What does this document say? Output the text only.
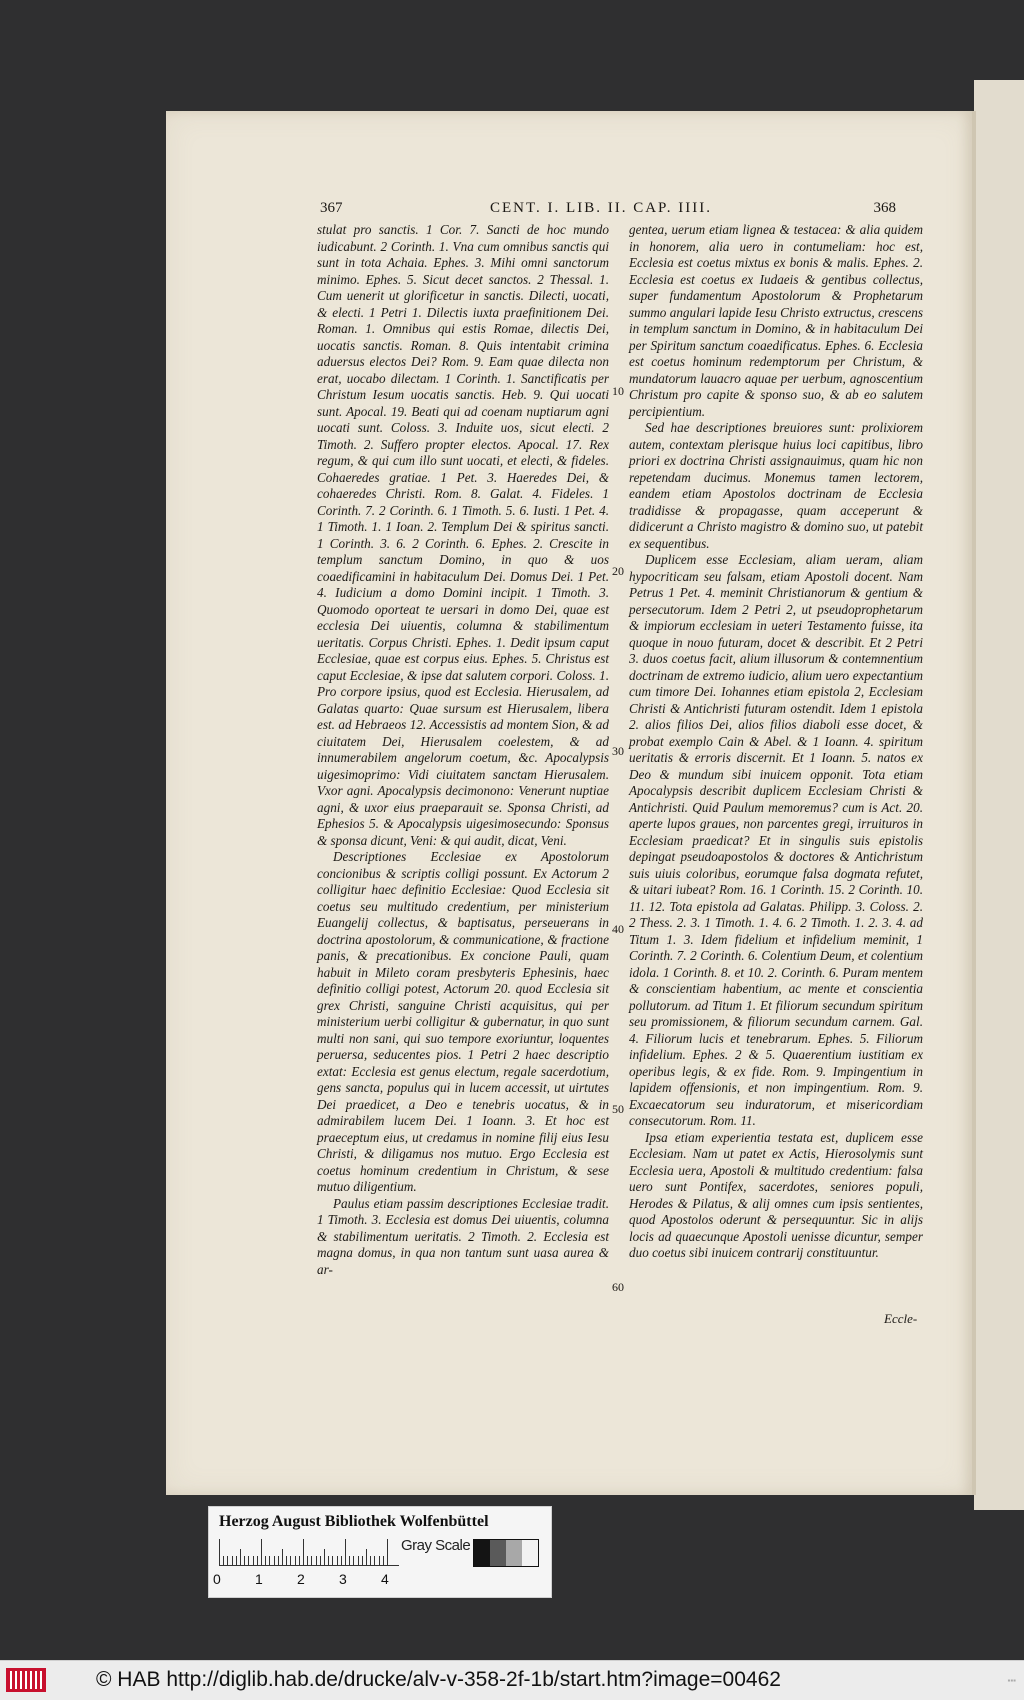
367	CENT. I. LIB. II. CAP. IIII.	368

stulat pro sanctis. 1 Cor. 7. Sancti de hoc mundo iudicabunt. 2 Corinth. 1. Vna cum omnibus sanctis qui sunt in tota Achaia. Ephes. 3. Mihi omni sanctorum minimo. Ephes. 5. Sicut decet sanctos. 2 Thessal. 1. Cum uenerit ut glorificetur in sanctis. Dilecti, uocati, & electi. 1 Petri 1. Dilectis iuxta praefinitionem Dei. Roman. 1. Omnibus qui estis Romae, dilectis Dei, uocatis sanctis. Roman. 8. Quis intentabit crimina aduersus electos Dei? Rom. 9. Eam quae dilecta non erat, uocabo dilectam. 1 Corinth. 1. Sanctificatis per Christum Iesum uocatis sanctis. Heb. 9. Qui uocati sunt. Apocal. 19. Beati qui ad coenam nuptiarum agni uocati sunt. Coloss. 3. Induite uos, sicut electi. 2 Timoth. 2. Suffero propter electos. Apocal. 17. Rex regum, & qui cum illo sunt uocati, et electi, & fideles. Cohaeredes gratiae. 1 Pet. 3. Haeredes Dei, & cohaeredes Christi. Rom. 8. Galat. 4. Fideles. 1 Corinth. 7. 2 Corinth. 6. 1 Timoth. 5. 6. Iusti. 1 Pet. 4. 1 Timoth. 1. 1 Ioan. 2. Templum Dei & spiritus sancti. 1 Corinth. 3. 6. 2 Corinth. 6. Ephes. 2. Crescite in templum sanctum Domino, in quo & uos coaedificamini in habitaculum Dei. Domus Dei. 1 Pet. 4. Iudicium a domo Domini incipit. 1 Timoth. 3. Quomodo oporteat te uersari in domo Dei, quae est ecclesia Dei uiuentis, columna & stabilimentum ueritatis. Corpus Christi. Ephes. 1. Dedit ipsum caput Ecclesiae, quae est corpus eius. Ephes. 5. Christus est caput Ecclesiae, & ipse dat salutem corpori. Coloss. 1. Pro corpore ipsius, quod est Ecclesia. Hierusalem, ad Galatas quarto: Quae sursum est Hierusalem, libera est. ad Hebraeos 12. Accessistis ad montem Sion, & ad ciuitatem Dei, Hierusalem coelestem, & ad innumerabilem angelorum coetum, &c. Apocalypsis uigesimoprimo: Vidi ciuitatem sanctam Hierusalem. Vxor agni. Apocalypsis decimonono: Venerunt nuptiae agni, & uxor eius praeparauit se. Sponsa Christi, ad Ephesios 5. & Apocalypsis uigesimosecundo: Sponsus & sponsa dicunt, Veni: & qui audit, dicat, Veni.

Descriptiones Ecclesiae ex Apostolorum concionibus & scriptis colligi possunt. Ex Actorum 2 colligitur haec definitio Ecclesiae: Quod Ecclesia sit coetus seu multitudo credentium, per ministerium Euangelij collectus, & baptisatus, perseuerans in doctrina apostolorum, & communicatione, & fractione panis, & precationibus. Ex concione Pauli, quam habuit in Mileto coram presbyteris Ephesinis, haec definitio colligi potest, Actorum 20. quod Ecclesia sit grex Christi, sanguine Christi acquisitus, qui per ministerium uerbi colligitur & gubernatur, in quo sunt multi non sani, qui suo tempore exoriuntur, loquentes peruersa, seducentes pios. 1 Petri 2 haec descriptio extat: Ecclesia est genus electum, regale sacerdotium, gens sancta, populus qui in lucem accessit, ut uirtutes Dei praedicet, a Deo e tenebris uocatus, & in admirabilem lucem Dei. 1 Ioann. 3. Et hoc est praeceptum eius, ut credamus in nomine filij eius Iesu Christi, & diligamus nos mutuo. Ergo Ecclesia est coetus hominum credentium in Christum, & sese mutuo diligentium.

Paulus etiam passim descriptiones Ecclesiae tradit. 1 Timoth. 3. Ecclesia est domus Dei uiuentis, columna & stabilimentum ueritatis. 2 Timoth. 2. Ecclesia est magna domus, in qua non tantum sunt uasa aurea & ar-

10
20
30
40
50
60

gentea, uerum etiam lignea & testacea: & alia quidem in honorem, alia uero in contumeliam: hoc est, Ecclesia est coetus mixtus ex bonis & malis. Ephes. 2. Ecclesia est coetus ex Iudaeis & gentibus collectus, super fundamentum Apostolorum & Prophetarum summo angulari lapide Iesu Christo extructus, crescens in templum sanctum in Domino, & in habitaculum Dei per Spiritum sanctum coaedificatus. Ephes. 6. Ecclesia est coetus hominum redemptorum per Christum, & mundatorum lauacro aquae per uerbum, agnoscentium Christum pro capite & sponso suo, & ab eo salutem percipientium.

Sed hae descriptiones breuiores sunt: prolixiorem autem, contextam plerisque huius loci capitibus, libro priori ex doctrina Christi assignauimus, quam hic non repetendam ducimus. Monemus tamen lectorem, eandem etiam Apostolos doctrinam de Ecclesia tradidisse & propagasse, quam acceperunt & didicerunt a Christo magistro & domino suo, ut patebit ex sequentibus.

Duplicem esse Ecclesiam, aliam ueram, aliam hypocriticam seu falsam, etiam Apostoli docent. Nam Petrus 1 Pet. 4. meminit Christianorum & gentium & persecutorum. Idem 2 Petri 2, ut pseudoprophetarum & impiorum ecclesiam in ueteri Testamento fuisse, ita quoque in nouo futuram, docet & describit. Et 2 Petri 3. duos coetus facit, alium illusorum & contemnentium doctrinam de extremo iudicio, alium uero expectantium cum timore Dei. Iohannes etiam epistola 2, Ecclesiam Christi & Antichristi futuram ostendit. Idem 1 epistola 2. alios filios Dei, alios filios diaboli esse docet, & probat exemplo Cain & Abel. & 1 Ioann. 4. spiritum ueritatis & erroris discernit. Et 1 Ioann. 5. natos ex Deo & mundum sibi inuicem opponit. Tota etiam Apocalypsis describit duplicem Ecclesiam Christi & Antichristi. Quid Paulum memoremus? cum is Act. 20. aperte lupos graues, non parcentes gregi, irruituros in Ecclesiam praedicat? Et in singulis suis epistolis depingat pseudoapostolos & doctores & Antichristum suis uiuis coloribus, eorumque falsa dogmata refutet, & uitari iubeat? Rom. 16. 1 Corinth. 15. 2 Corinth. 10. 11. 12. Tota epistola ad Galatas. Philipp. 3. Coloss. 2. 2 Thess. 2. 3. 1 Timoth. 1. 4. 6. 2 Timoth. 1. 2. 3. 4. ad Titum 1. 3. Idem fidelium et infidelium meminit, 1 Corinth. 7. 2 Corinth. 6. Colentium Deum, et colentium idola. 1 Corinth. 8. et 10. 2. Corinth. 6. Puram mentem & conscientiam habentium, ac mente et conscientia pollutorum. ad Titum 1. Et filiorum secundum spiritum seu promissionem, & filiorum secundum carnem. Gal. 4. Filiorum lucis et tenebrarum. Ephes. 5. Filiorum infidelium. Ephes. 2 & 5. Quaerentium iustitiam ex operibus legis, & ex fide. Rom. 9. Impingentium in lapidem offensionis, et non impingentium. Rom. 9. Excaecatorum seu induratorum, et misericordiam consecutorum. Rom. 11.

Ipsa etiam experientia testata est, duplicem esse Ecclesiam. Nam ut patet ex Actis, Hierosolymis sunt Ecclesia uera, Apostoli & multitudo credentium: falsa uero sunt Pontifex, sacerdotes, seniores populi, Herodes & Pilatus, & alij omnes cum ipsis sentientes, quod Apostolos oderunt & persequuntur. Sic in alijs locis ad quaecunque Apostoli uenisse dicuntur, semper duo coetus sibi inuicem contrarij constituuntur.

Eccle-
Herzog August Bibliothek Wolfenbüttel
0 1 2 3 4
Gray Scale
© HAB http://diglib.hab.de/drucke/alv-v-358-2f-1b/start.htm?image=00462	▪▪▪
